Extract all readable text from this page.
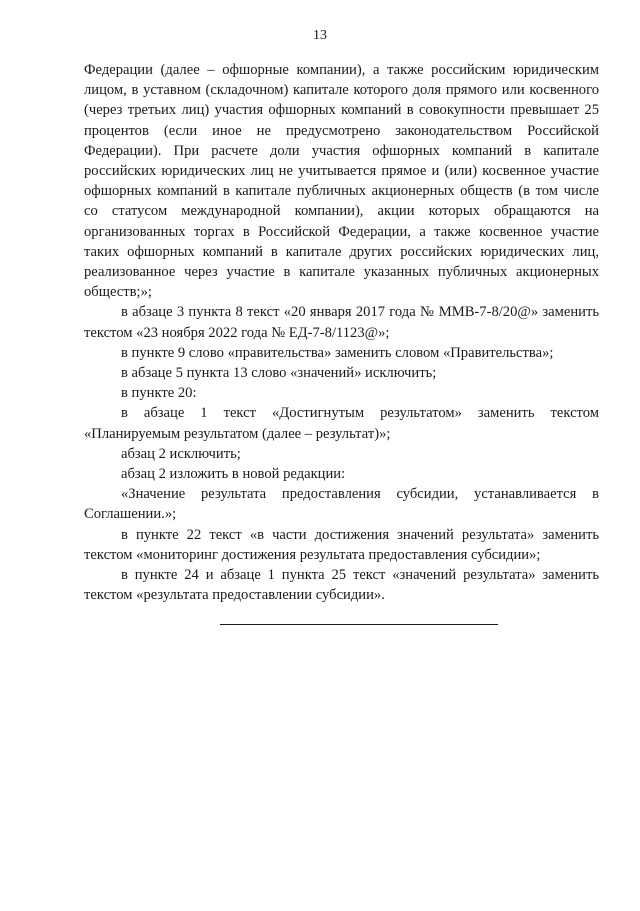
13

Федерации (далее – офшорные компании), а также российским юридическим лицом, в уставном (складочном) капитале которого доля прямого или косвенного (через третьих лиц) участия офшорных компаний в совокупности превышает 25 процентов (если иное не предусмотрено законодательством Российской Федерации). При расчете доли участия офшорных компаний в капитале российских юридических лиц не учитывается прямое и (или) косвенное участие офшорных компаний в капитале публичных акционерных обществ (в том числе со статусом международной компании), акции которых обращаются на организованных торгах в Российской Федерации, а также косвенное участие таких офшорных компаний в капитале других российских юридических лиц, реализованное через участие в капитале указанных публичных акционерных обществ;»;

в абзаце 3 пункта 8 текст «20 января 2017 года № ММВ-7-8/20@» заменить текстом «23 ноября 2022 года № ЕД-7-8/1123@»;

в пункте 9 слово «правительства» заменить словом «Правительства»;

в абзаце 5 пункта 13 слово «значений» исключить;

в пункте 20:

в абзаце 1 текст «Достигнутым результатом» заменить текстом «Планируемым результатом (далее – результат)»;

абзац 2 исключить;

абзац 2 изложить в новой редакции:

«Значение результата предоставления субсидии, устанавливается в Соглашении.»;

в пункте 22 текст «в части достижения значений результата» заменить текстом «мониторинг достижения результата предоставления субсидии»;

в пункте 24 и абзаце 1 пункта 25 текст «значений результата» заменить текстом «результата предоставлении субсидии».
